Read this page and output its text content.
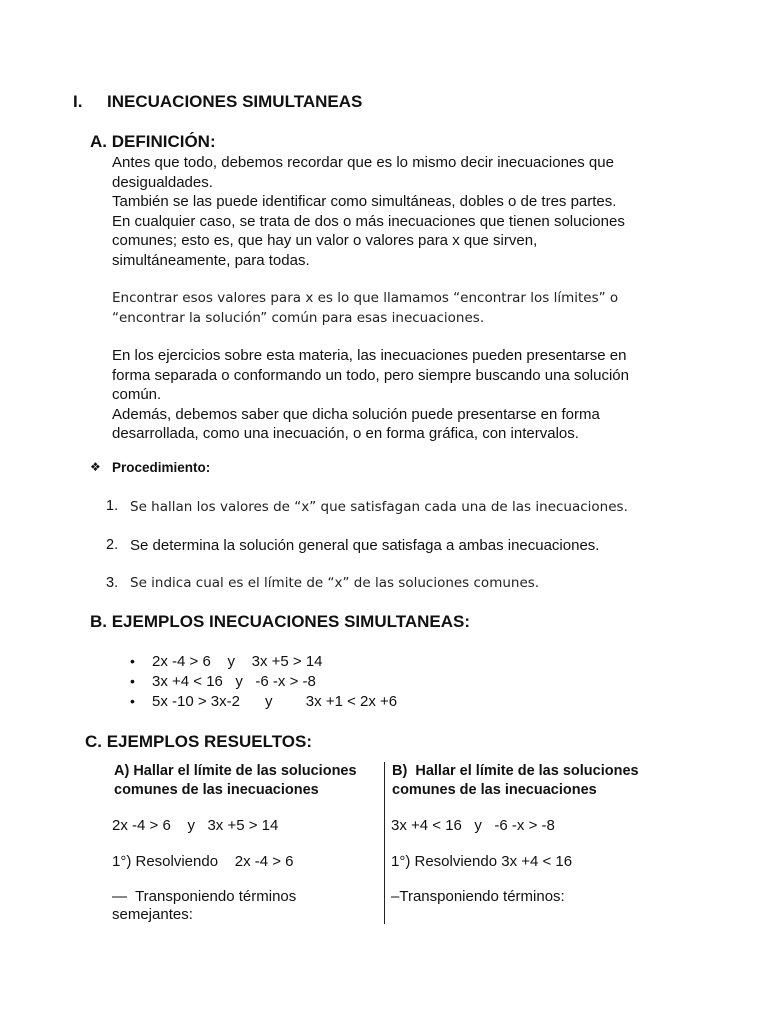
I. INECUACIONES SIMULTANEAS
A. DEFINICIÓN:
Antes que todo, debemos recordar que es lo mismo decir inecuaciones que
desigualdades.
También se las puede identificar como simultáneas, dobles o de tres partes.
En cualquier caso, se trata de dos o más inecuaciones que tienen soluciones
comunes; esto es, que hay un valor o valores para x que sirven,
simultáneamente, para todas.
Encontrar esos valores para x es lo que llamamos “encontrar los límites” o
“encontrar la solución” común para esas inecuaciones.
En los ejercicios sobre esta materia, las inecuaciones pueden presentarse en
forma separada o conformando un todo, pero siempre buscando una solución
común.
Además, debemos saber que dicha solución puede presentarse en forma
desarrollada, como una inecuación, o en forma gráfica, con intervalos.
❖ Procedimiento:
1. Se hallan los valores de “x” que satisfagan cada una de las inecuaciones.
2. Se determina la solución general que satisfaga a ambas inecuaciones.
3. Se indica cual es el límite de “x” de las soluciones comunes.
B. EJEMPLOS INECUACIONES SIMULTANEAS:
• 2x -4 > 6    y    3x +5 > 14
• 3x +4 < 16   y   -6 -x > -8
• 5x -10 > 3x-2      y        3x +1 < 2x +6
C. EJEMPLOS RESUELTOS:
A) Hallar el límite de las soluciones
comunes de las inecuaciones
2x -4 > 6    y   3x +5 > 14
1°) Resolviendo    2x -4 > 6
—  Transponiendo términos
semejantes:
B)  Hallar el límite de las soluciones
comunes de las inecuaciones
3x +4 < 16   y   -6 -x > -8
1°) Resolviendo 3x +4 < 16
–Transponiendo términos:
